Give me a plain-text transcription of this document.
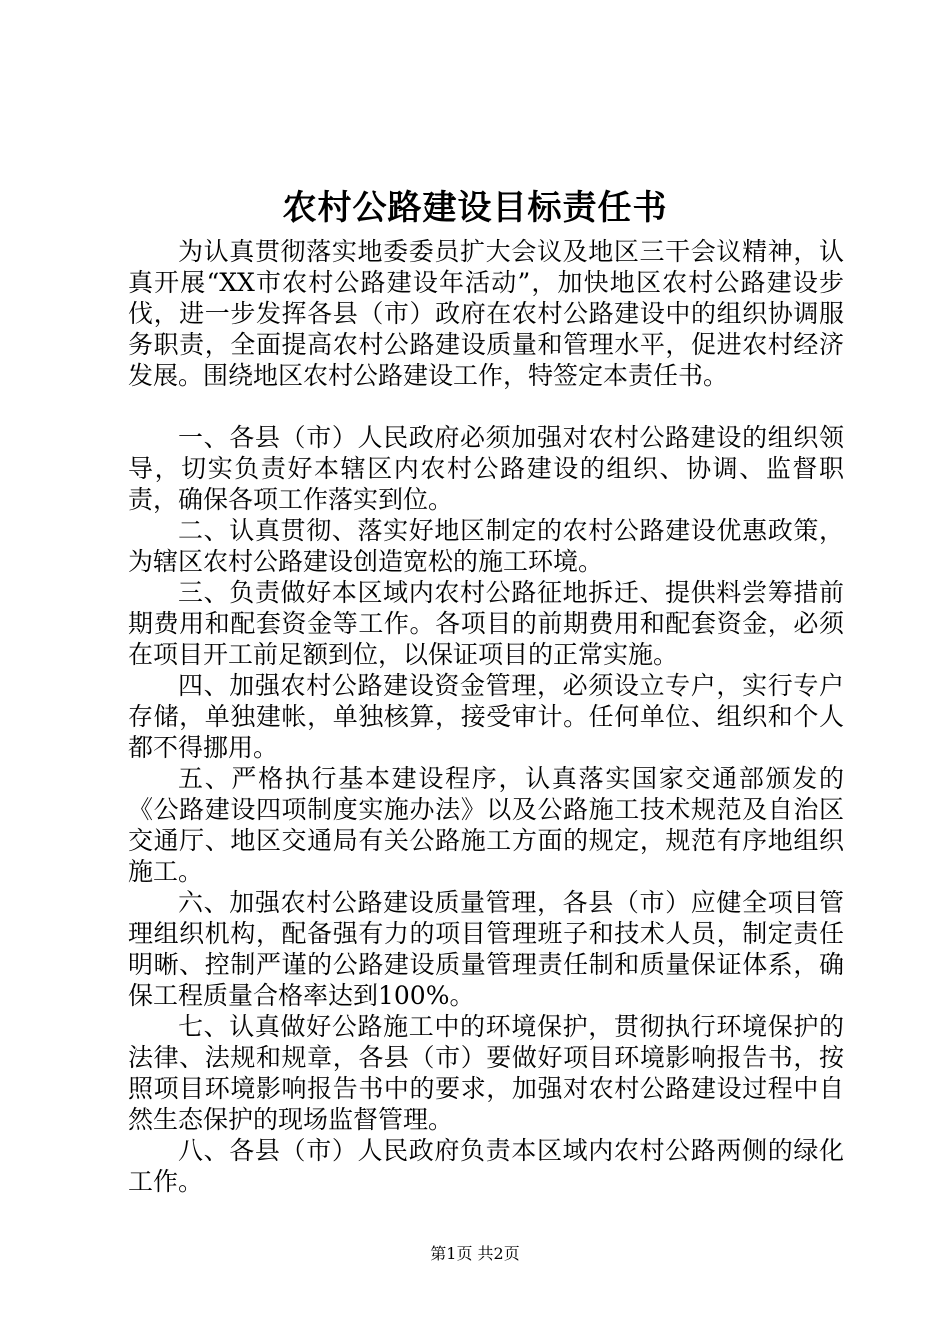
农村公路建设目标责任书

为认真贯彻落实地委委员扩大会议及地区三干会议精神，认真开展“XX市农村公路建设年活动”，加快地区农村公路建设步伐，进一步发挥各县（市）政府在农村公路建设中的组织协调服务职责，全面提高农村公路建设质量和管理水平，促进农村经济发展。围绕地区农村公路建设工作，特签定本责任书。

一、各县（市）人民政府必须加强对农村公路建设的组织领导，切实负责好本辖区内农村公路建设的组织、协调、监督职责，确保各项工作落实到位。

二、认真贯彻、落实好地区制定的农村公路建设优惠政策，为辖区农村公路建设创造宽松的施工环境。

三、负责做好本区域内农村公路征地拆迁、提供料尝筹措前期费用和配套资金等工作。各项目的前期费用和配套资金，必须在项目开工前足额到位，以保证项目的正常实施。

四、加强农村公路建设资金管理，必须设立专户，实行专户存储，单独建帐，单独核算，接受审计。任何单位、组织和个人都不得挪用。

五、严格执行基本建设程序，认真落实国家交通部颁发的《公路建设四项制度实施办法》以及公路施工技术规范及自治区交通厅、地区交通局有关公路施工方面的规定，规范有序地组织施工。

六、加强农村公路建设质量管理，各县（市）应健全项目管理组织机构，配备强有力的项目管理班子和技术人员，制定责任明晰、控制严谨的公路建设质量管理责任制和质量保证体系，确保工程质量合格率达到100%。

七、认真做好公路施工中的环境保护，贯彻执行环境保护的法律、法规和规章，各县（市）要做好项目环境影响报告书，按照项目环境影响报告书中的要求，加强对农村公路建设过程中自然生态保护的现场监督管理。

八、各县（市）人民政府负责本区域内农村公路两侧的绿化工作。

第1页 共2页
